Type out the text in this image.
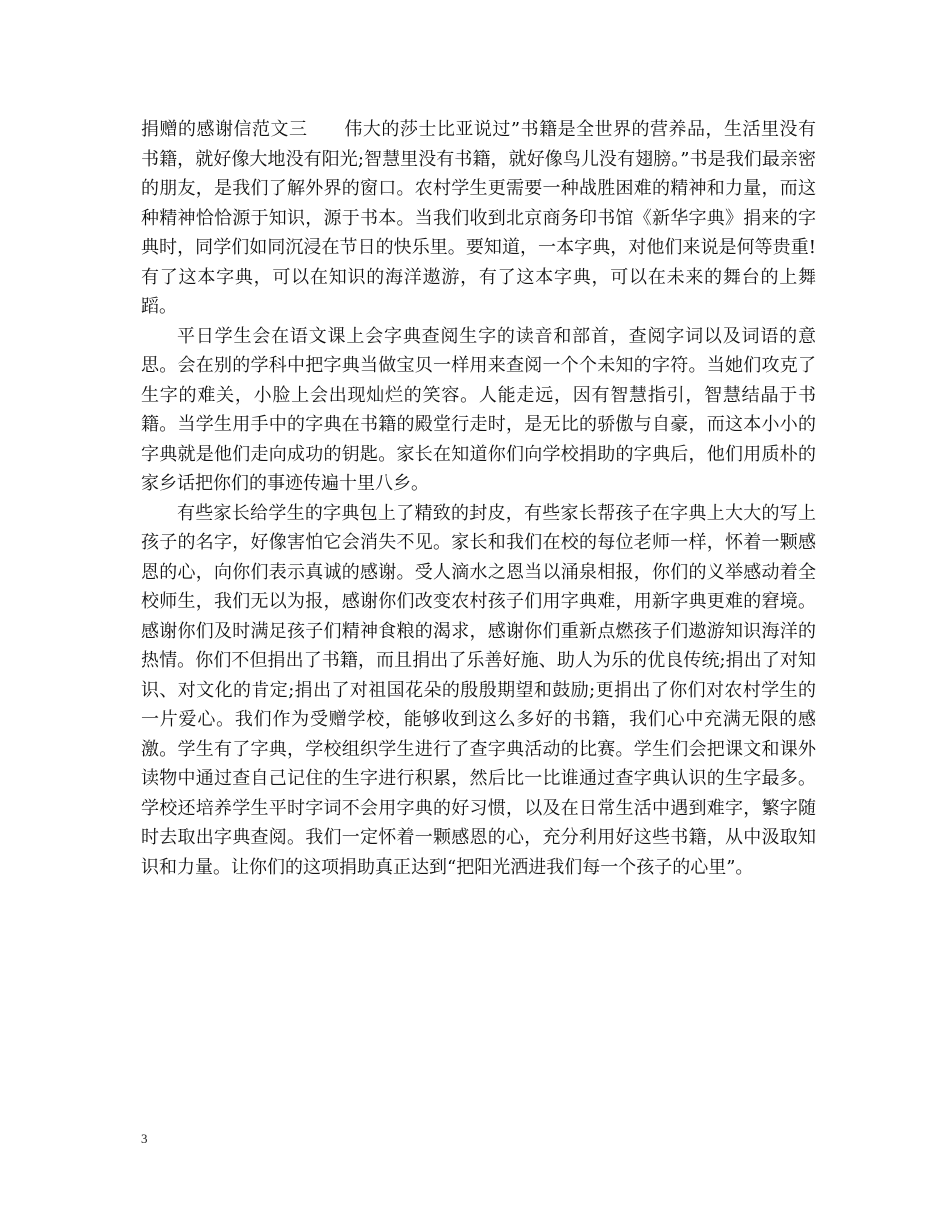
捐赠的感谢信范文三　　伟大的莎士比亚说过”书籍是全世界的营养品，生活里没有书籍，就好像大地没有阳光;智慧里没有书籍，就好像鸟儿没有翅膀。”书是我们最亲密的朋友，是我们了解外界的窗口。农村学生更需要一种战胜困难的精神和力量，而这种精神恰恰源于知识，源于书本。当我们收到北京商务印书馆《新华字典》捐来的字典时，同学们如同沉浸在节日的快乐里。要知道，一本字典，对他们来说是何等贵重!有了这本字典，可以在知识的海洋遨游，有了这本字典，可以在未来的舞台的上舞蹈。

平日学生会在语文课上会字典查阅生字的读音和部首，查阅字词以及词语的意思。会在别的学科中把字典当做宝贝一样用来查阅一个个未知的字符。当她们攻克了生字的难关，小脸上会出现灿烂的笑容。人能走远，因有智慧指引，智慧结晶于书籍。当学生用手中的字典在书籍的殿堂行走时，是无比的骄傲与自豪，而这本小小的字典就是他们走向成功的钥匙。家长在知道你们向学校捐助的字典后，他们用质朴的家乡话把你们的事迹传遍十里八乡。

有些家长给学生的字典包上了精致的封皮，有些家长帮孩子在字典上大大的写上孩子的名字，好像害怕它会消失不见。家长和我们在校的每位老师一样，怀着一颗感恩的心，向你们表示真诚的感谢。受人滴水之恩当以涌泉相报，你们的义举感动着全校师生，我们无以为报，感谢你们改变农村孩子们用字典难，用新字典更难的窘境。感谢你们及时满足孩子们精神食粮的渴求，感谢你们重新点燃孩子们遨游知识海洋的热情。你们不但捐出了书籍，而且捐出了乐善好施、助人为乐的优良传统;捐出了对知识、对文化的肯定;捐出了对祖国花朵的殷殷期望和鼓励;更捐出了你们对农村学生的一片爱心。我们作为受赠学校，能够收到这么多好的书籍，我们心中充满无限的感激。学生有了字典，学校组织学生进行了查字典活动的比赛。学生们会把课文和课外读物中通过查自己记住的生字进行积累，然后比一比谁通过查字典认识的生字最多。学校还培养学生平时字词不会用字典的好习惯，以及在日常生活中遇到难字，繁字随时去取出字典查阅。我们一定怀着一颗感恩的心，充分利用好这些书籍，从中汲取知识和力量。让你们的这项捐助真正达到“把阳光洒进我们每一个孩子的心里”。

3
